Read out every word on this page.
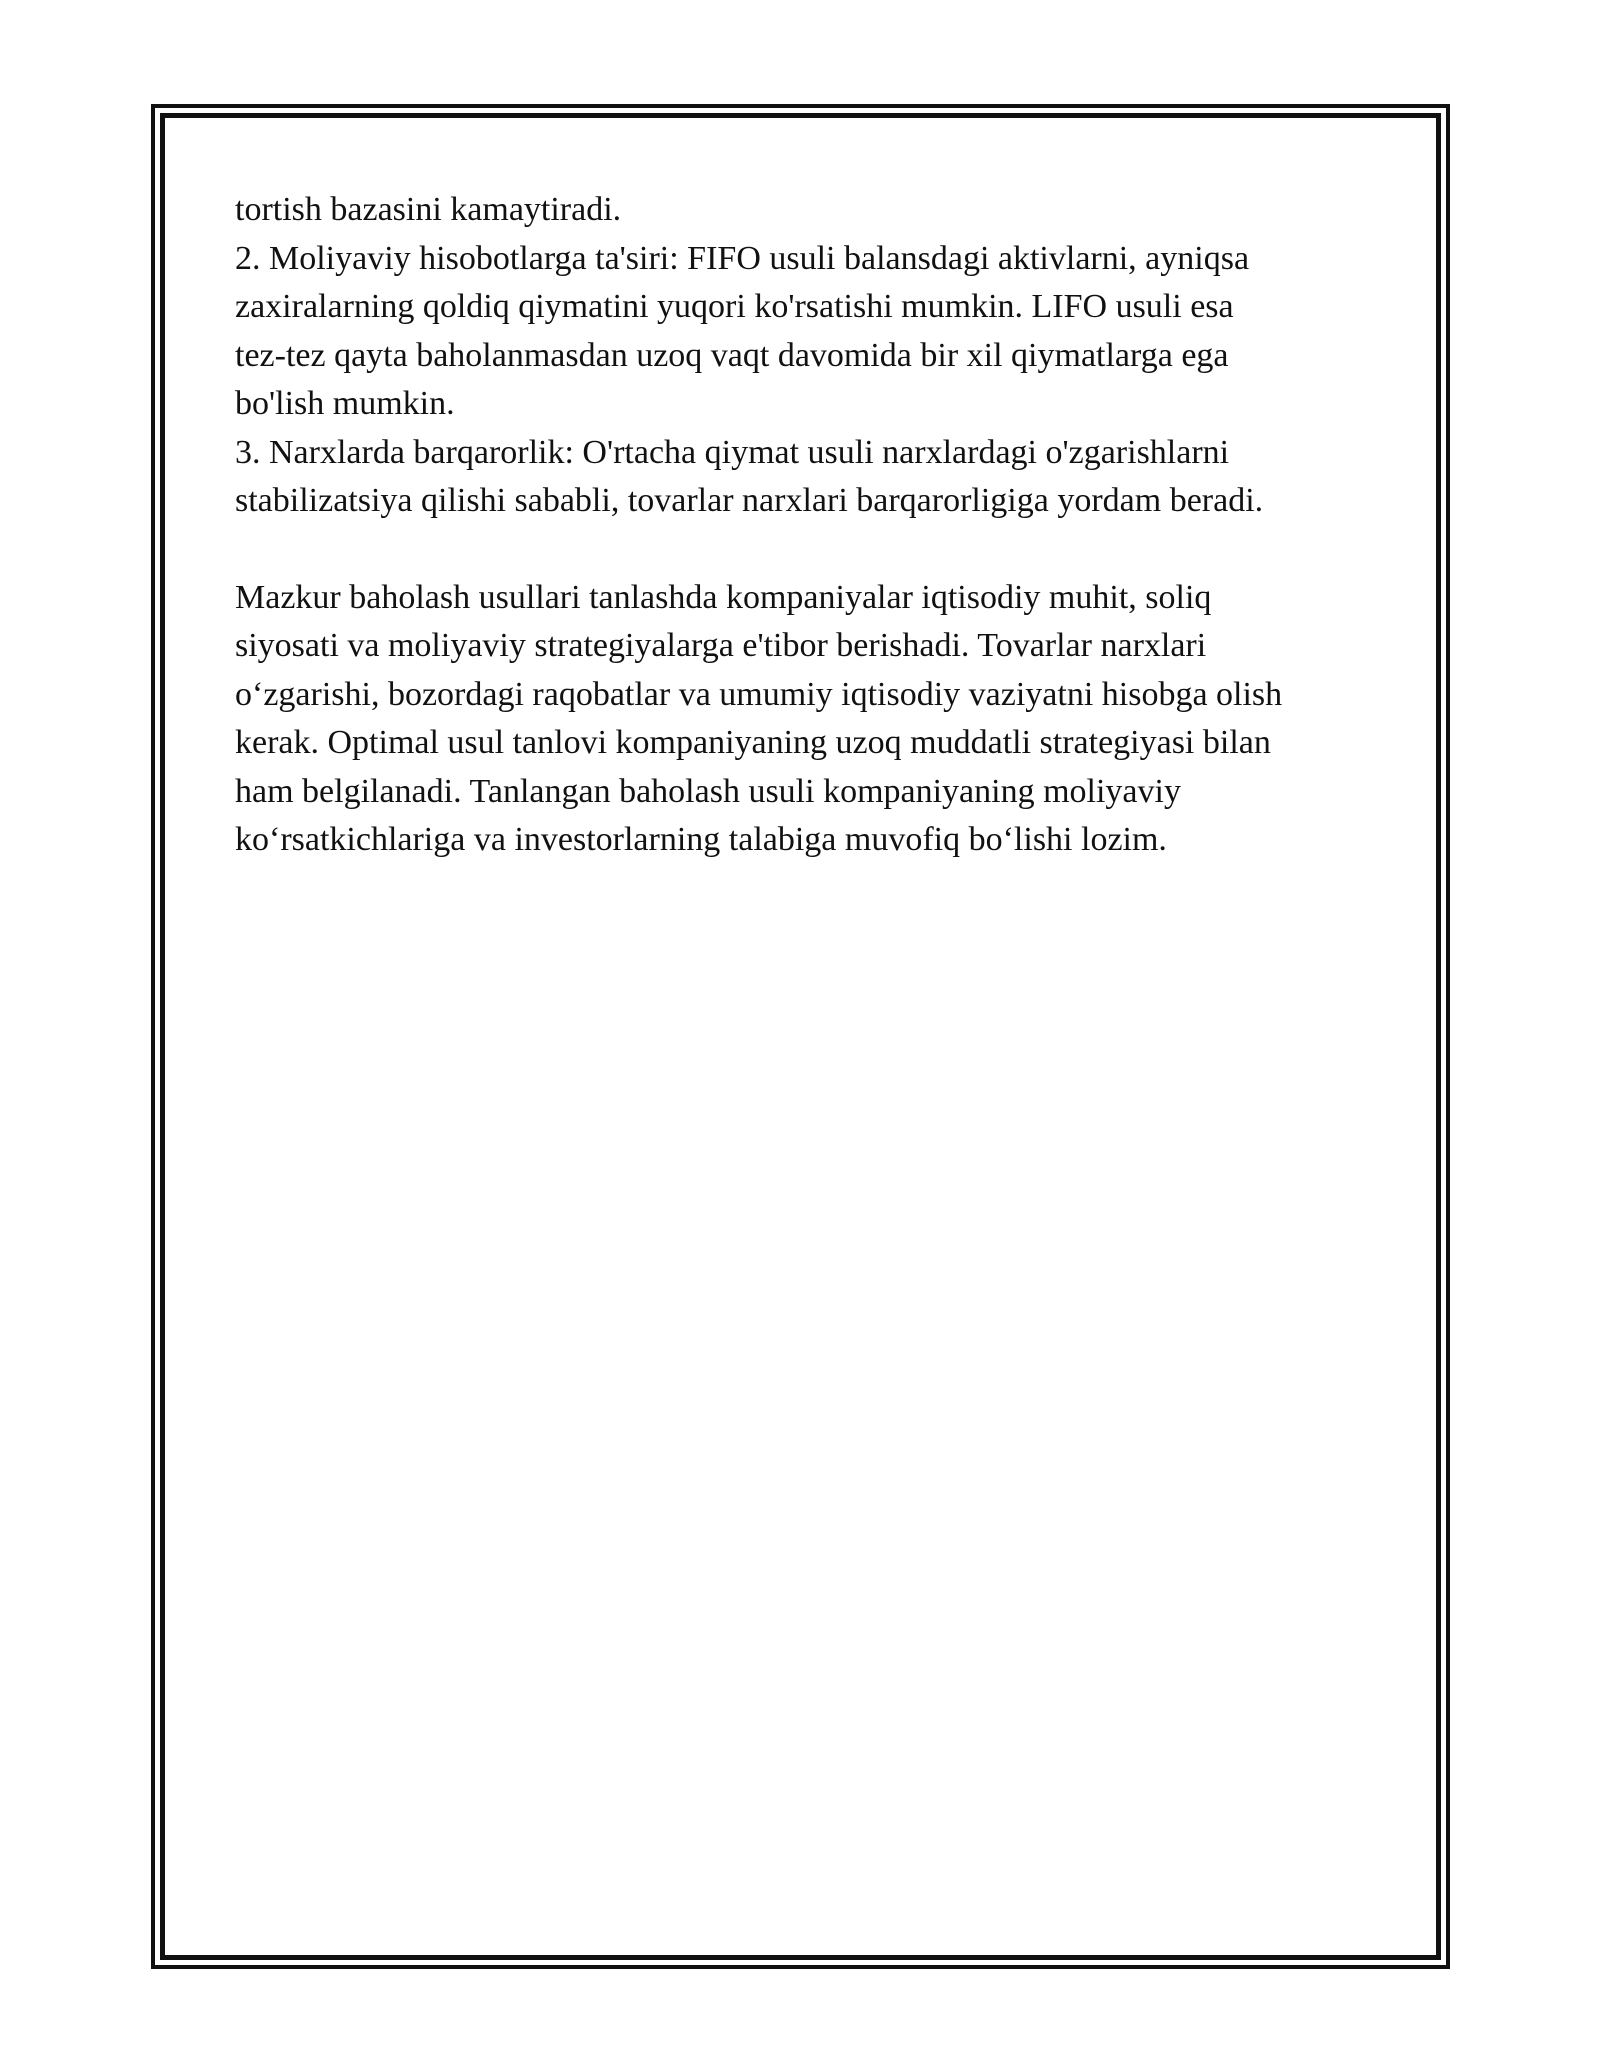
tortish bazasini kamaytiradi.
2. Moliyaviy hisobotlarga ta'siri: FIFO usuli balansdagi aktivlarni, ayniqsa
zaxiralarning qoldiq qiymatini yuqori ko'rsatishi mumkin. LIFO usuli esa
tez-tez qayta baholanmasdan uzoq vaqt davomida bir xil qiymatlarga ega
bo'lish mumkin.
3. Narxlarda barqarorlik: O'rtacha qiymat usuli narxlardagi o'zgarishlarni
stabilizatsiya qilishi sababli, tovarlar narxlari barqarorligiga yordam beradi.

Mazkur baholash usullari tanlashda kompaniyalar iqtisodiy muhit, soliq
siyosati va moliyaviy strategiyalarga e'tibor berishadi. Tovarlar narxlari
o‘zgarishi, bozordagi raqobatlar va umumiy iqtisodiy vaziyatni hisobga olish
kerak. Optimal usul tanlovi kompaniyaning uzoq muddatli strategiyasi bilan
ham belgilanadi. Tanlangan baholash usuli kompaniyaning moliyaviy
ko‘rsatkichlariga va investorlarning talabiga muvofiq bo‘lishi lozim.
